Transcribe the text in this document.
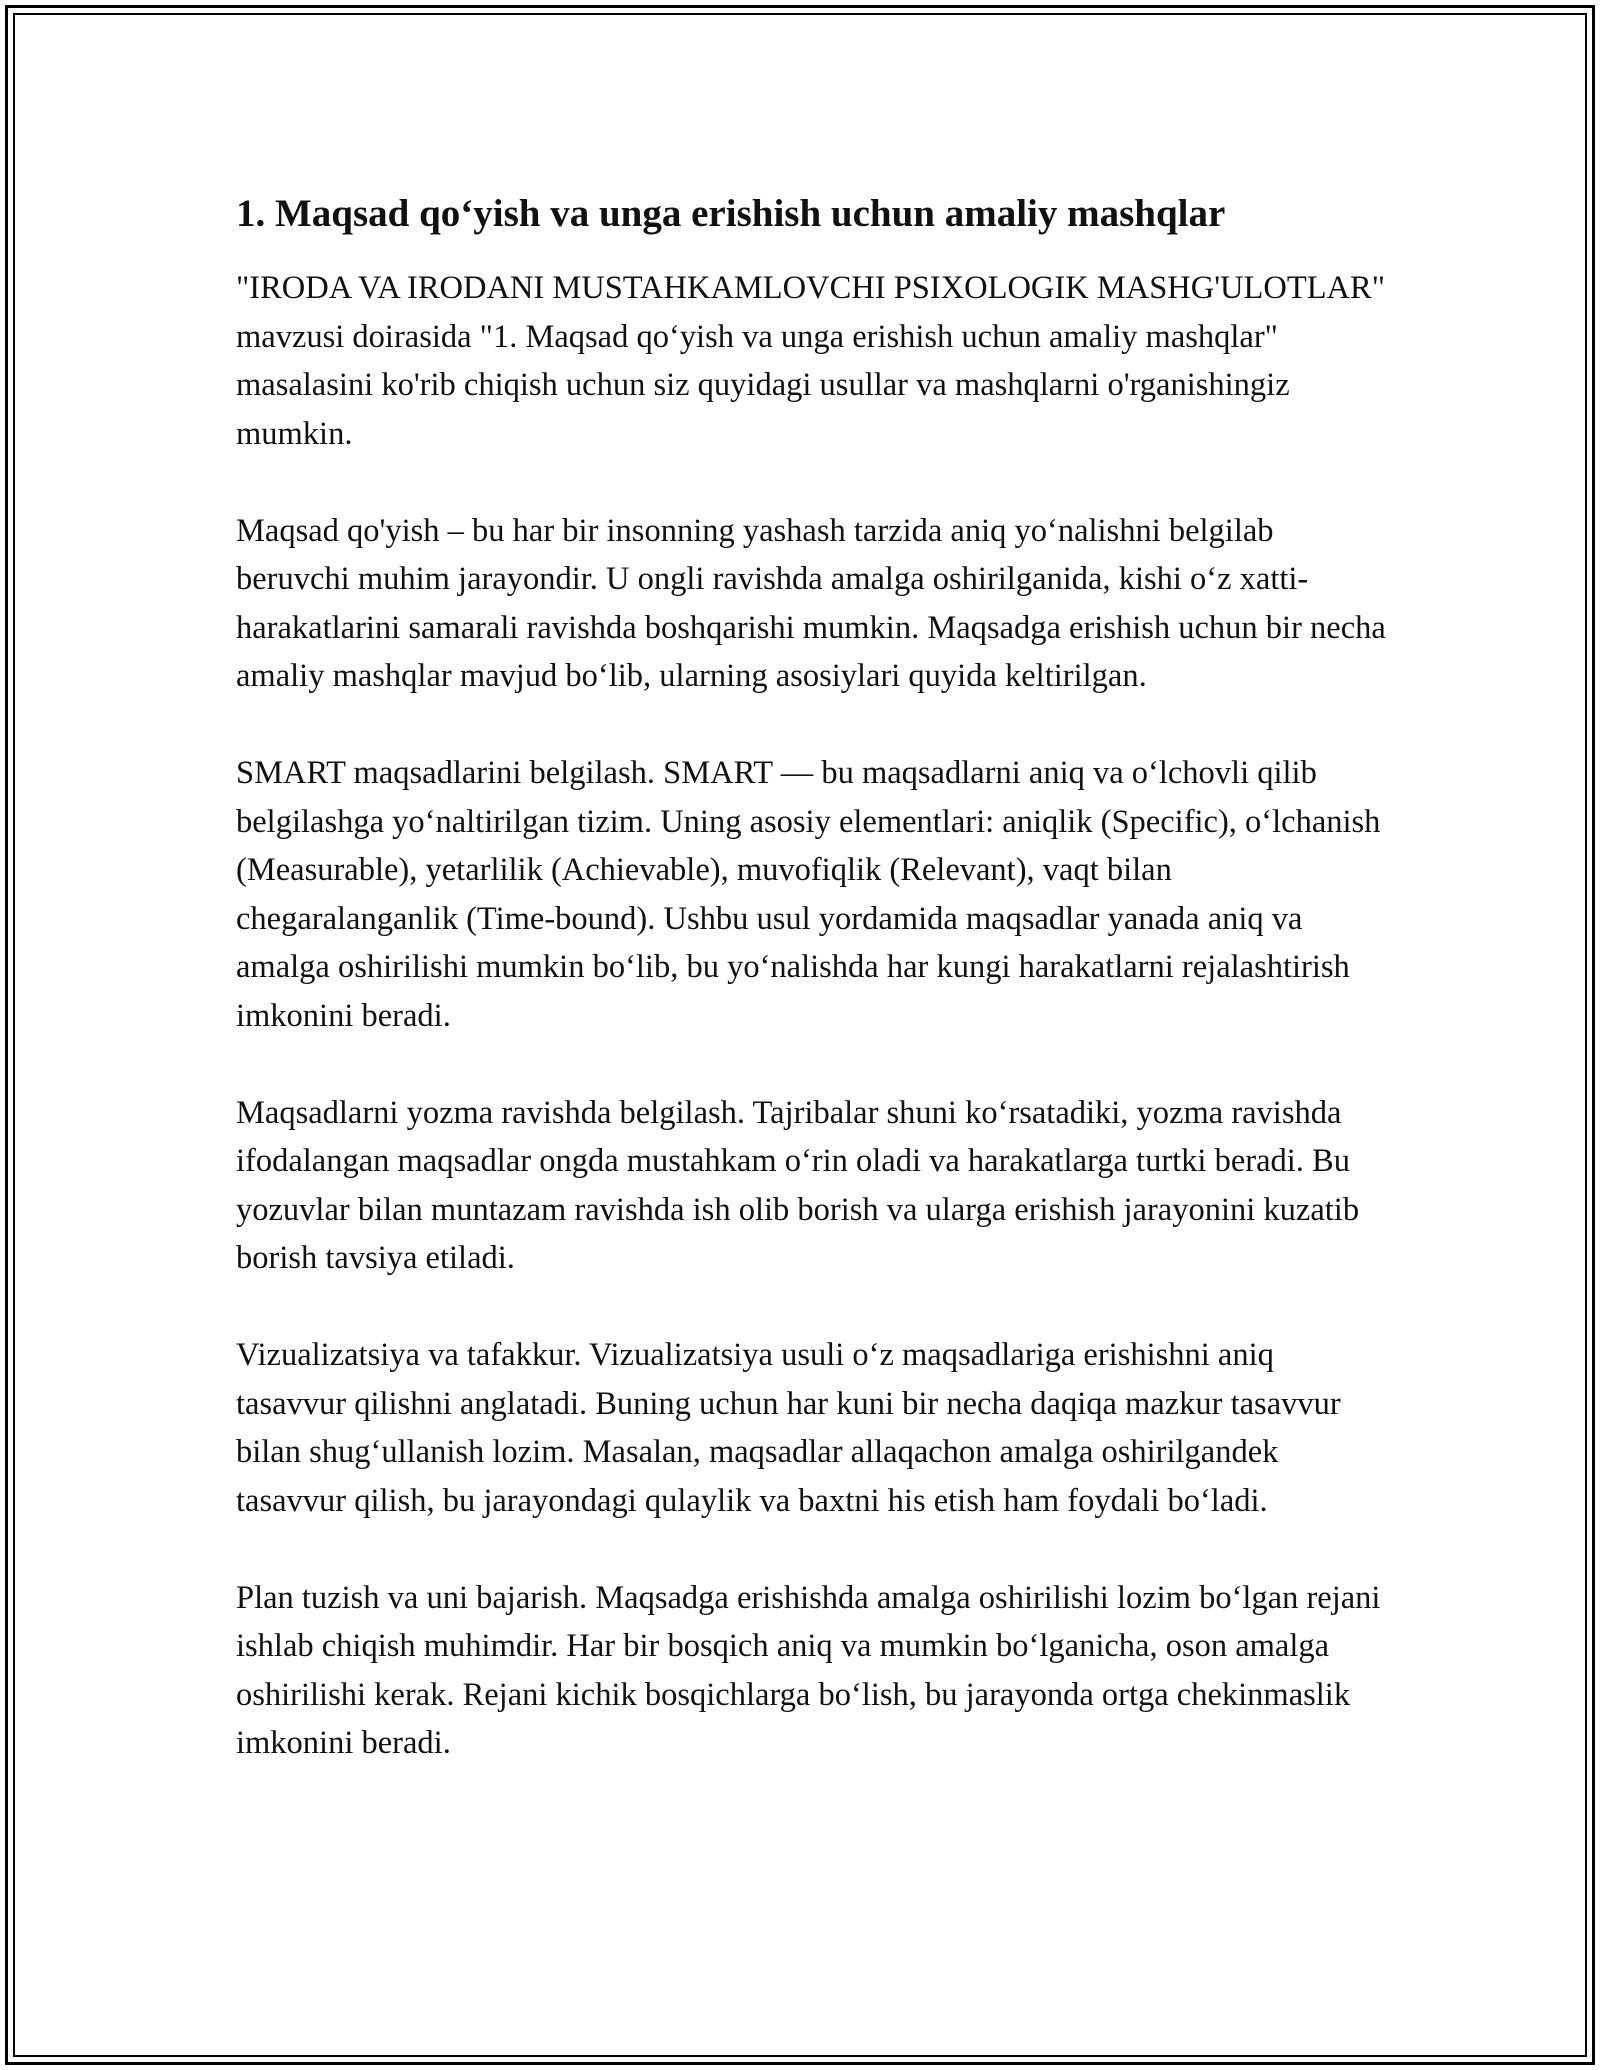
1. Maqsad qo‘yish va unga erishish uchun amaliy mashqlar

"IRODA VA IRODANI MUSTAHKAMLOVCHI PSIXOLOGIK MASHG'ULOTLAR" mavzusi doirasida "1. Maqsad qo‘yish va unga erishish uchun amaliy mashqlar" masalasini ko'rib chiqish uchun siz quyidagi usullar va mashqlarni o'rganishingiz mumkin.

Maqsad qo'yish – bu har bir insonning yashash tarzida aniq yo‘nalishni belgilab beruvchi muhim jarayondir. U ongli ravishda amalga oshirilganida, kishi o‘z xatti-harakatlarini samarali ravishda boshqarishi mumkin. Maqsadga erishish uchun bir necha amaliy mashqlar mavjud bo‘lib, ularning asosiylari quyida keltirilgan.

SMART maqsadlarini belgilash. SMART — bu maqsadlarni aniq va o‘lchovli qilib belgilashga yo‘naltirilgan tizim. Uning asosiy elementlari: aniqlik (Specific), o‘lchanish (Measurable), yetarlilik (Achievable), muvofiqlik (Relevant), vaqt bilan chegaralanganlik (Time-bound). Ushbu usul yordamida maqsadlar yanada aniq va amalga oshirilishi mumkin bo‘lib, bu yo‘nalishda har kungi harakatlarni rejalashtirish imkonini beradi.

Maqsadlarni yozma ravishda belgilash. Tajribalar shuni ko‘rsatadiki, yozma ravishda ifodalangan maqsadlar ongda mustahkam o‘rin oladi va harakatlarga turtki beradi. Bu yozuvlar bilan muntazam ravishda ish olib borish va ularga erishish jarayonini kuzatib borish tavsiya etiladi.

Vizualizatsiya va tafakkur. Vizualizatsiya usuli o‘z maqsadlariga erishishni aniq tasavvur qilishni anglatadi. Buning uchun har kuni bir necha daqiqa mazkur tasavvur bilan shug‘ullanish lozim. Masalan, maqsadlar allaqachon amalga oshirilgandek tasavvur qilish, bu jarayondagi qulaylik va baxtni his etish ham foydali bo‘ladi.

Plan tuzish va uni bajarish. Maqsadga erishishda amalga oshirilishi lozim bo‘lgan rejani ishlab chiqish muhimdir. Har bir bosqich aniq va mumkin bo‘lganicha, oson amalga oshirilishi kerak. Rejani kichik bosqichlarga bo‘lish, bu jarayonda ortga chekinmaslik imkonini beradi.
